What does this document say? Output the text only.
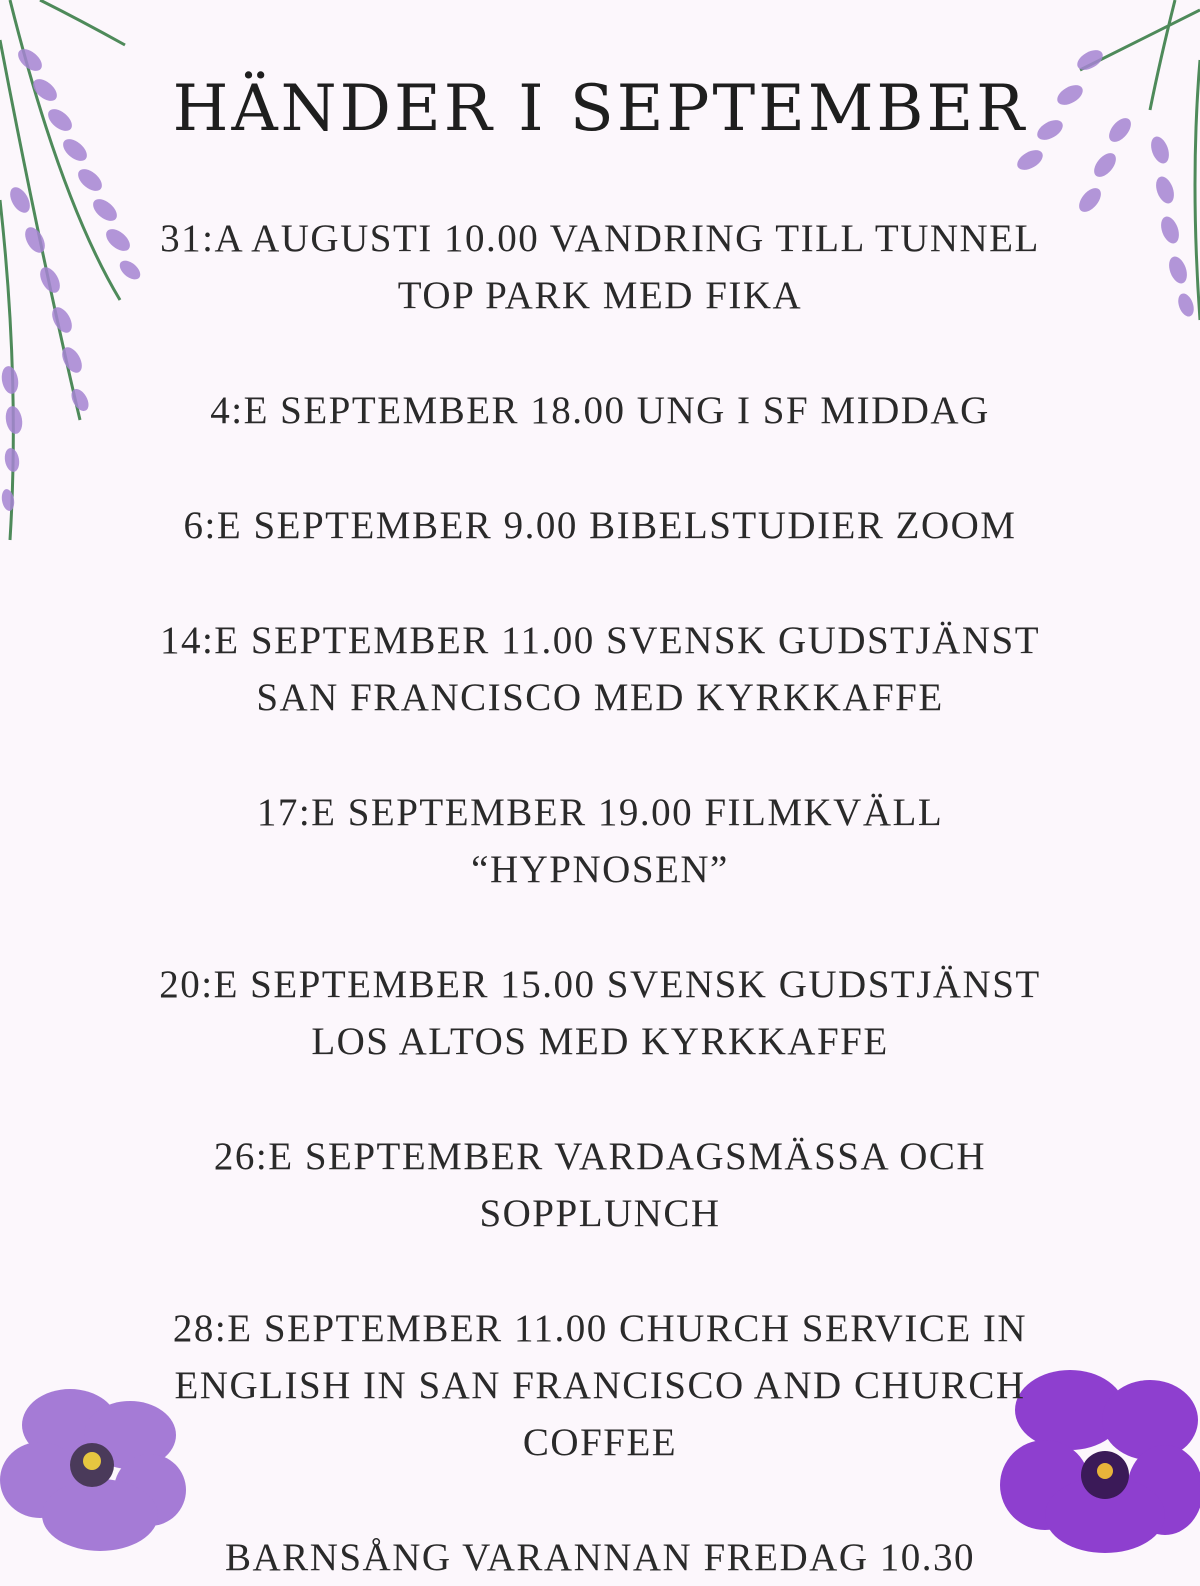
HÄNDER I SEPTEMBER
31:A AUGUSTI 10.00 VANDRING TILL TUNNEL TOP PARK MED FIKA
4:E SEPTEMBER 18.00 UNG I SF MIDDAG
6:E SEPTEMBER 9.00 BIBELSTUDIER ZOOM
14:E SEPTEMBER 11.00 SVENSK GUDSTJÄNST SAN FRANCISCO MED KYRKKAFFE
17:E SEPTEMBER 19.00 FILMKVÄLL “HYPNOSEN”
20:E SEPTEMBER 15.00 SVENSK GUDSTJÄNST LOS ALTOS MED KYRKKAFFE
26:E SEPTEMBER VARDAGSMÄSSA OCH SOPPLUNCH
28:E SEPTEMBER 11.00 CHURCH SERVICE IN ENGLISH IN SAN FRANCISCO AND CHURCH COFFEE
BARNSÅNG VARANNAN FREDAG 10.30
